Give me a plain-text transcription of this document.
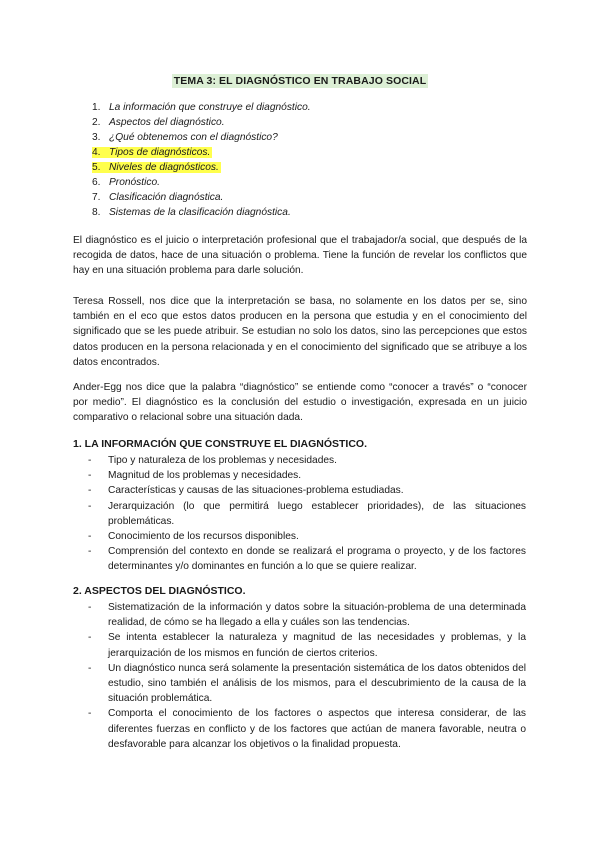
TEMA 3: EL DIAGNÓSTICO EN TRABAJO SOCIAL
1. La información que construye el diagnóstico.
2. Aspectos del diagnóstico.
3. ¿Qué obtenemos con el diagnóstico?
4. Tipos de diagnósticos.
5. Niveles de diagnósticos.
6. Pronóstico.
7. Clasificación diagnóstica.
8. Sistemas de la clasificación diagnóstica.

El diagnóstico es el juicio o interpretación profesional que el trabajador/a social, que después de la recogida de datos, hace de una situación o problema. Tiene la función de revelar los conflictos que hay en una situación problema para darle solución.

Teresa Rossell, nos dice que la interpretación se basa, no solamente en los datos per se, sino también en el eco que estos datos producen en la persona que estudia y en el conocimiento del significado que se les puede atribuir. Se estudian no solo los datos, sino las percepciones que estos datos producen en la persona relacionada y en el conocimiento del significado que se atribuye a los datos encontrados.

Ander-Egg nos dice que la palabra “diagnóstico” se entiende como “conocer a través” o “conocer por medio”. El diagnóstico es la conclusión del estudio o investigación, expresada en un juicio comparativo o relacional sobre una situación dada.

1. LA INFORMACIÓN QUE CONSTRUYE EL DIAGNÓSTICO.
- Tipo y naturaleza de los problemas y necesidades.
- Magnitud de los problemas y necesidades.
- Características y causas de las situaciones-problema estudiadas.
- Jerarquización (lo que permitirá luego establecer prioridades), de las situaciones problemáticas.
- Conocimiento de los recursos disponibles.
- Comprensión del contexto en donde se realizará el programa o proyecto, y de los factores determinantes y/o dominantes en función a lo que se quiere realizar.
2. ASPECTOS DEL DIAGNÓSTICO.
- Sistematización de la información y datos sobre la situación-problema de una determinada realidad, de cómo se ha llegado a ella y cuáles son las tendencias.
- Se intenta establecer la naturaleza y magnitud de las necesidades y problemas, y la jerarquización de los mismos en función de ciertos criterios.
- Un diagnóstico nunca será solamente la presentación sistemática de los datos obtenidos del estudio, sino también el análisis de los mismos, para el descubrimiento de la causa de la situación problemática.
- Comporta el conocimiento de los factores o aspectos que interesa considerar, de las diferentes fuerzas en conflicto y de los factores que actúan de manera favorable, neutra o desfavorable para alcanzar los objetivos o la finalidad propuesta.
